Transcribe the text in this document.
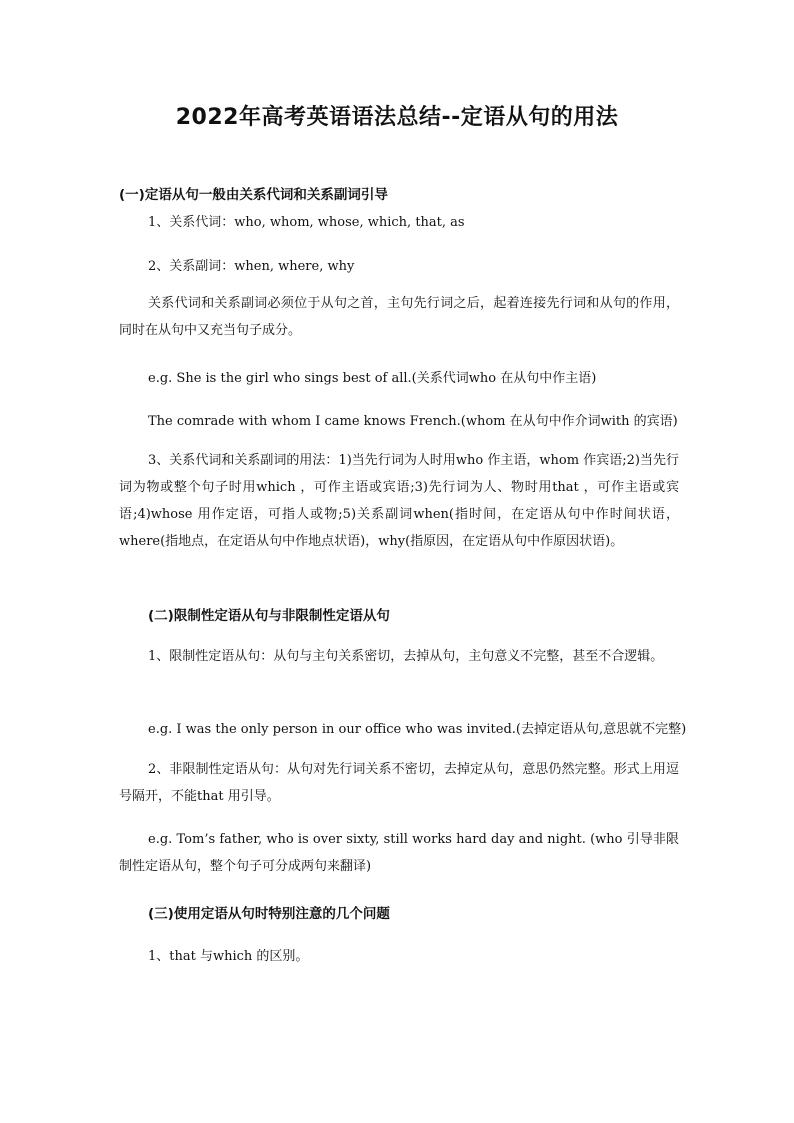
2022年高考英语语法总结--定语从句的用法
(一)定语从句一般由关系代词和关系副词引导
1、关系代词：who, whom, whose, which, that, as
2、关系副词：when, where, why
关系代词和关系副词必须位于从句之首，主句先行词之后，起着连接先行词和从句的作用， 同时在从句中又充当句子成分。
e.g. She is the girl who sings best of all.(关系代词who 在从句中作主语)
The comrade with whom I came knows French.(whom 在从句中作介词with 的宾语)
3、关系代词和关系副词的用法：1)当先行词为人时用who 作主语，whom 作宾语;2)当先行词为物或整个句子时用which ，可作主语或宾语;3)先行词为人、物时用that ，可作主语或宾语;4)whose 用作定语，可指人或物;5)关系副词when(指时间，在定语从句中作时间状语，where(指地点，在定语从句中作地点状语)，why(指原因，在定语从句中作原因状语)。
(二)限制性定语从句与非限制性定语从句
1、限制性定语从句：从句与主句关系密切，去掉从句，主句意义不完整，甚至不合逻辑。
e.g. I was the only person in our office who was invited.(去掉定语从句,意思就不完整)
2、非限制性定语从句：从句对先行词关系不密切，去掉定从句，意思仍然完整。形式上用逗号隔开，不能that 用引导。
e.g. Tom’s father, who is over sixty, still works hard day and night. (who 引导非限制性定语从句，整个句子可分成两句来翻译)
(三)使用定语从句时特别注意的几个问题
1、that 与which 的区别。
